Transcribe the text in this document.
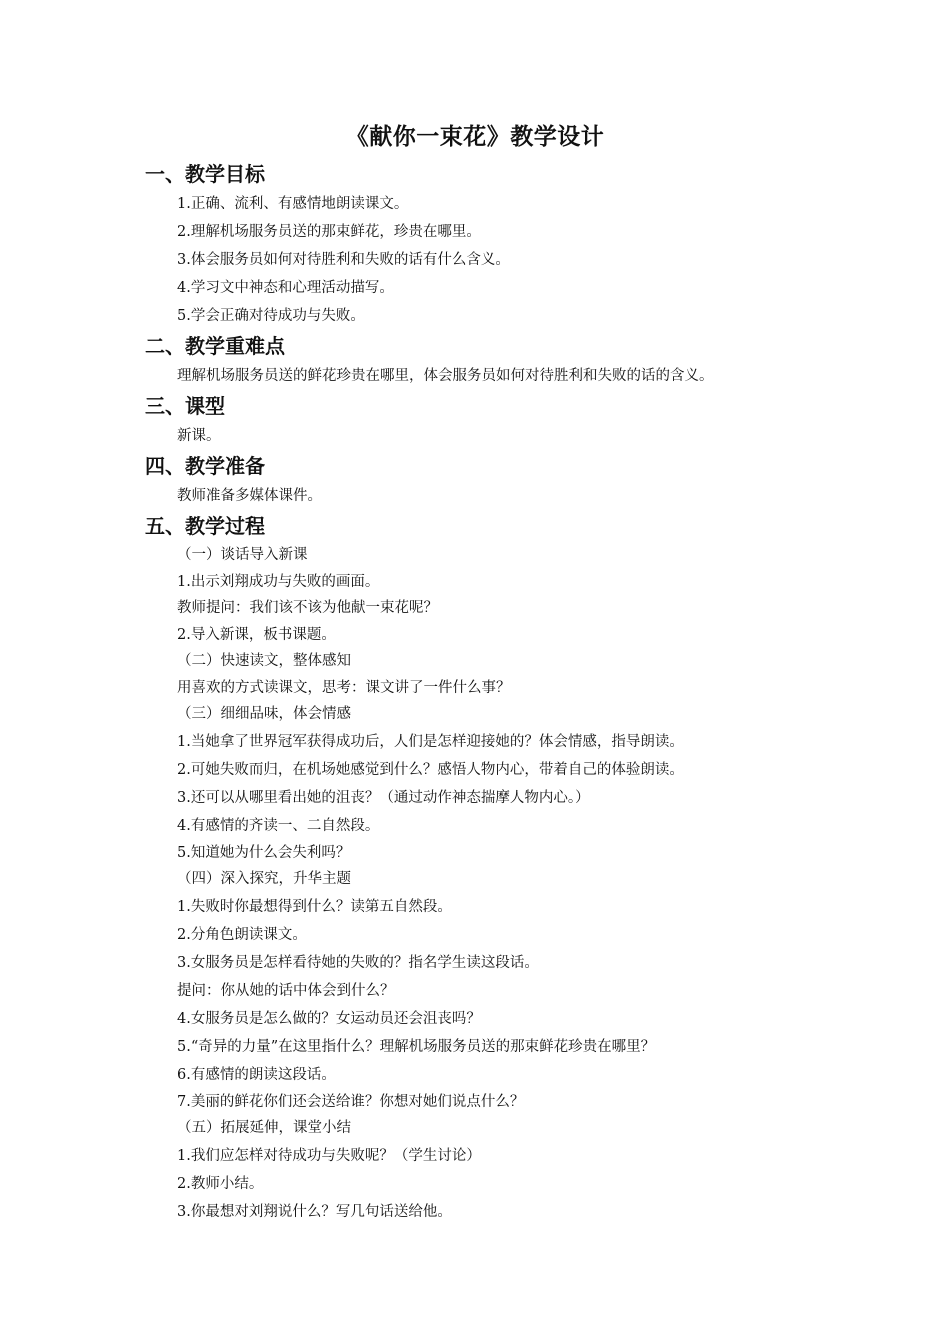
《献你一束花》教学设计
一、教学目标
1.正确、流利、有感情地朗读课文。
2.理解机场服务员送的那束鲜花，珍贵在哪里。
3.体会服务员如何对待胜利和失败的话有什么含义。
4.学习文中神态和心理活动描写。
5.学会正确对待成功与失败。
二、教学重难点
理解机场服务员送的鲜花珍贵在哪里，体会服务员如何对待胜利和失败的话的含义。
三、课型
新课。
四、教学准备
教师准备多媒体课件。
五、教学过程
（一）谈话导入新课
1.出示刘翔成功与失败的画面。
教师提问：我们该不该为他献一束花呢？
2.导入新课，板书课题。
（二）快速读文，整体感知
用喜欢的方式读课文，思考：课文讲了一件什么事？
（三）细细品味，体会情感
1.当她拿了世界冠军获得成功后，人们是怎样迎接她的？体会情感，指导朗读。
2.可她失败而归，在机场她感觉到什么？感悟人物内心，带着自己的体验朗读。
3.还可以从哪里看出她的沮丧？（通过动作神态揣摩人物内心。）
4.有感情的齐读一、二自然段。
5.知道她为什么会失利吗？
（四）深入探究，升华主题
1.失败时你最想得到什么？读第五自然段。
2.分角色朗读课文。
3.女服务员是怎样看待她的失败的？指名学生读这段话。
提问：你从她的话中体会到什么？
4.女服务员是怎么做的？女运动员还会沮丧吗？
5.“奇异的力量”在这里指什么？理解机场服务员送的那束鲜花珍贵在哪里？
6.有感情的朗读这段话。
7.美丽的鲜花你们还会送给谁？你想对她们说点什么？
（五）拓展延伸，课堂小结
1.我们应怎样对待成功与失败呢？（学生讨论）
2.教师小结。
3.你最想对刘翔说什么？写几句话送给他。
